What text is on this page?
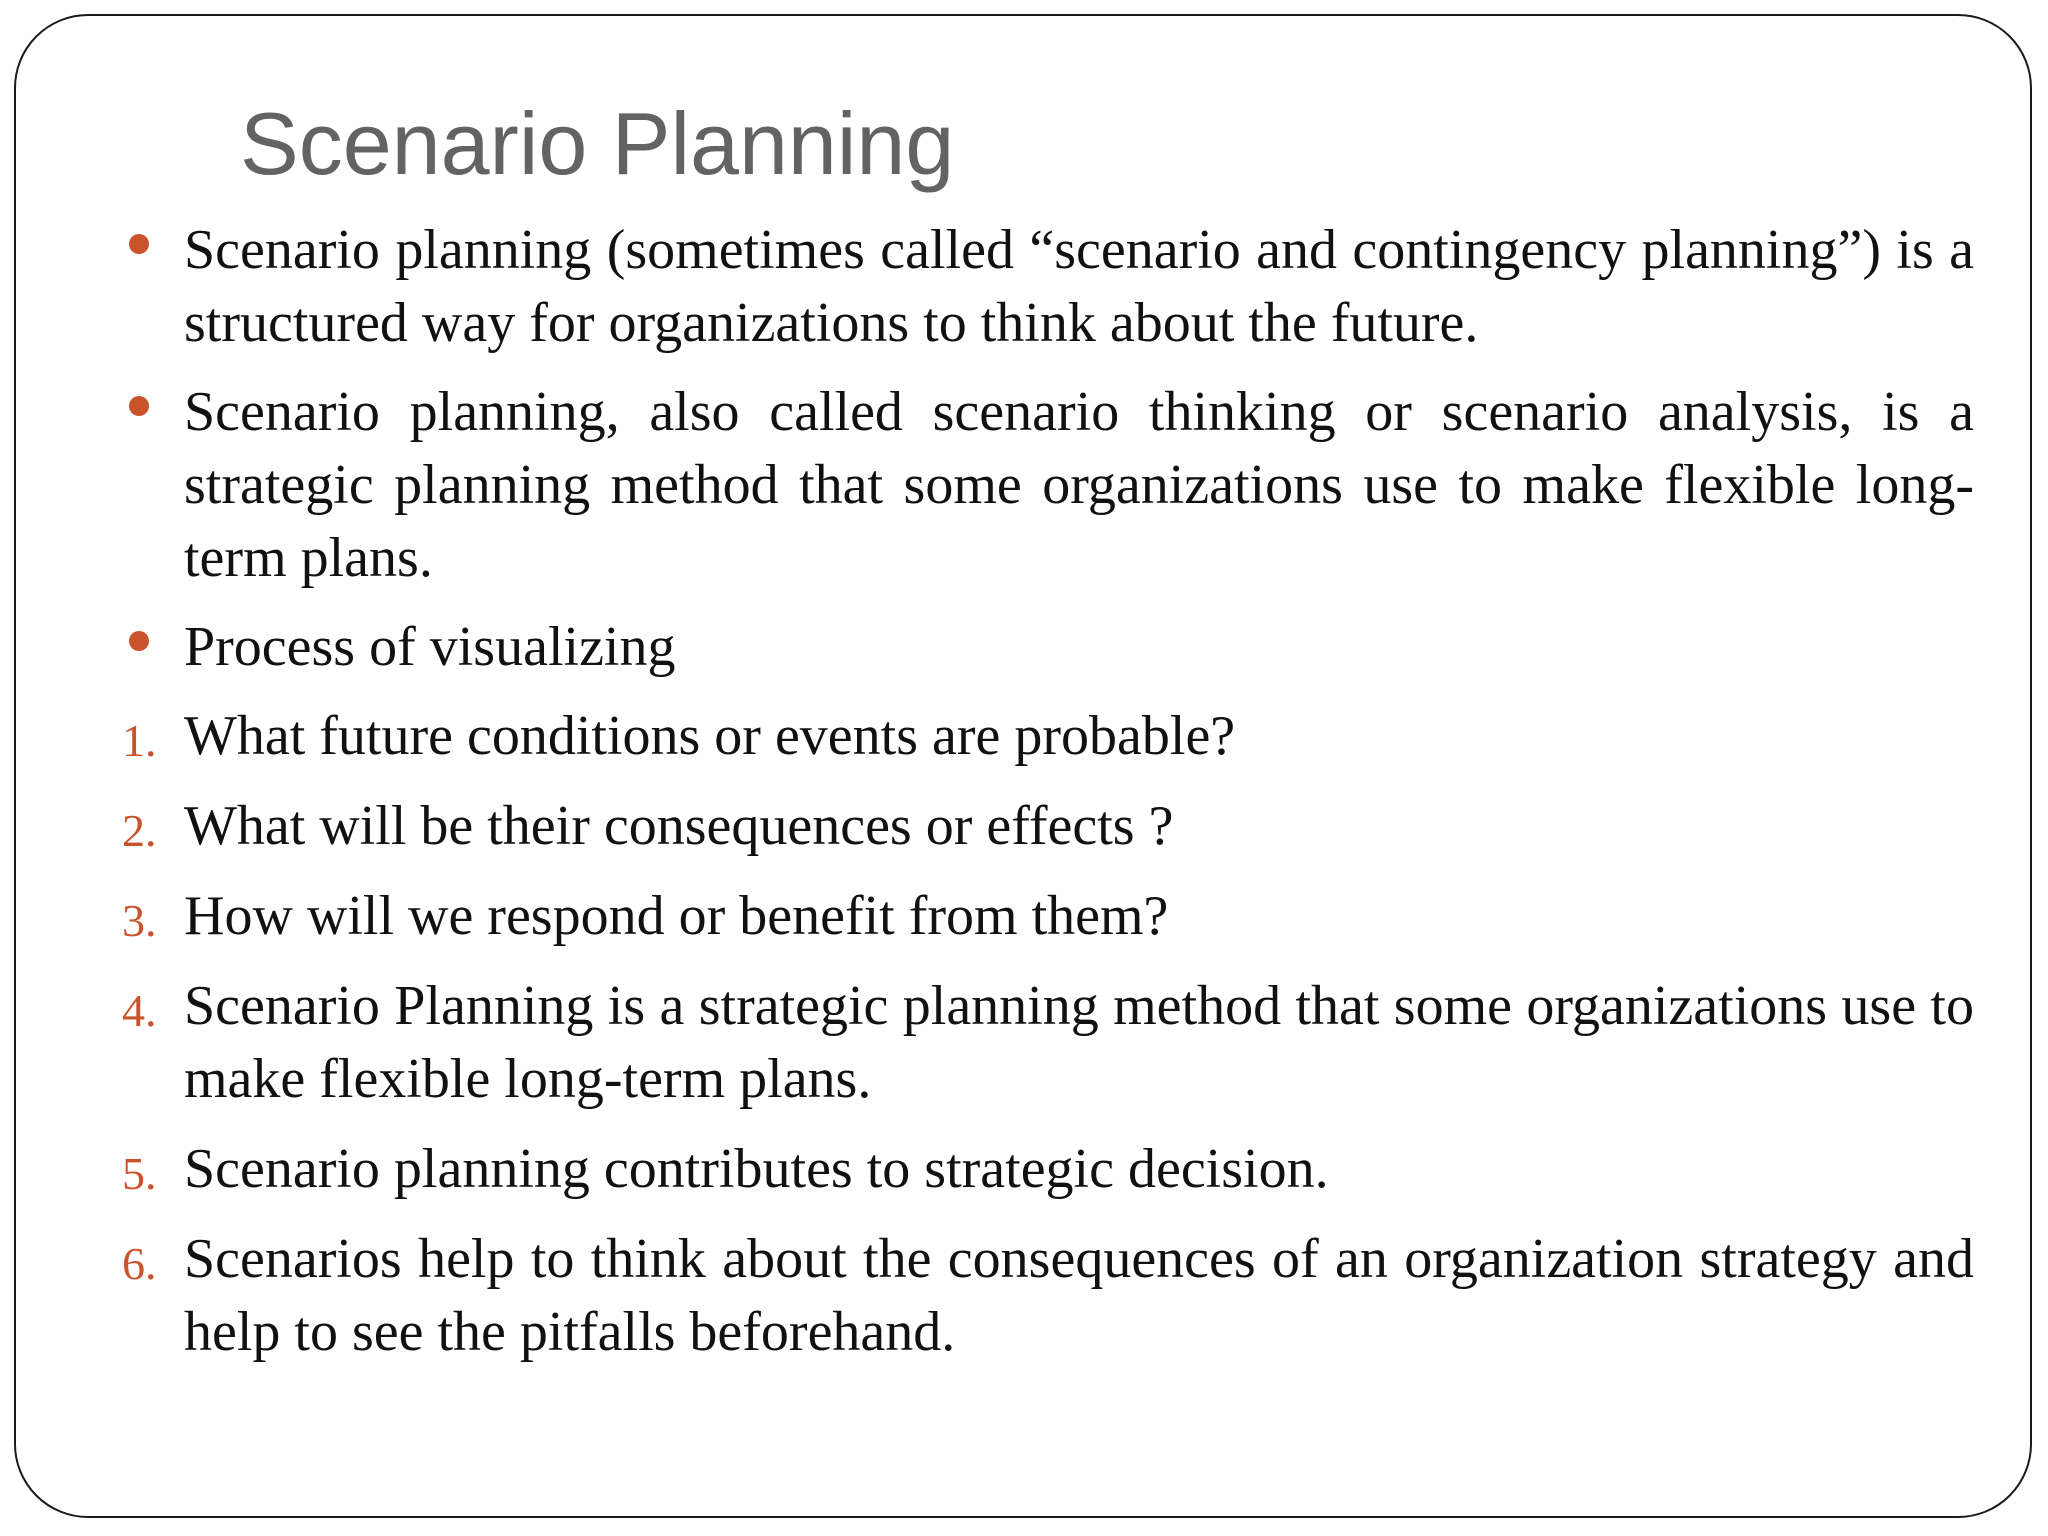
Scenario Planning
Scenario planning (sometimes called “scenario and contingency planning”) is a structured way for organizations to think about the future.
Scenario planning, also called scenario thinking or scenario analysis, is a strategic planning method that some organizations use to make flexible long-term plans.
Process of visualizing
1. What future conditions or events are probable?
2. What will be their consequences or effects ?
3. How will we respond or benefit from them?
4. Scenario Planning is a strategic planning method that some organizations use to make flexible long-term plans.
5. Scenario planning contributes to strategic decision.
6. Scenarios help to think about the consequences of an organization strategy and help to see the pitfalls beforehand.
